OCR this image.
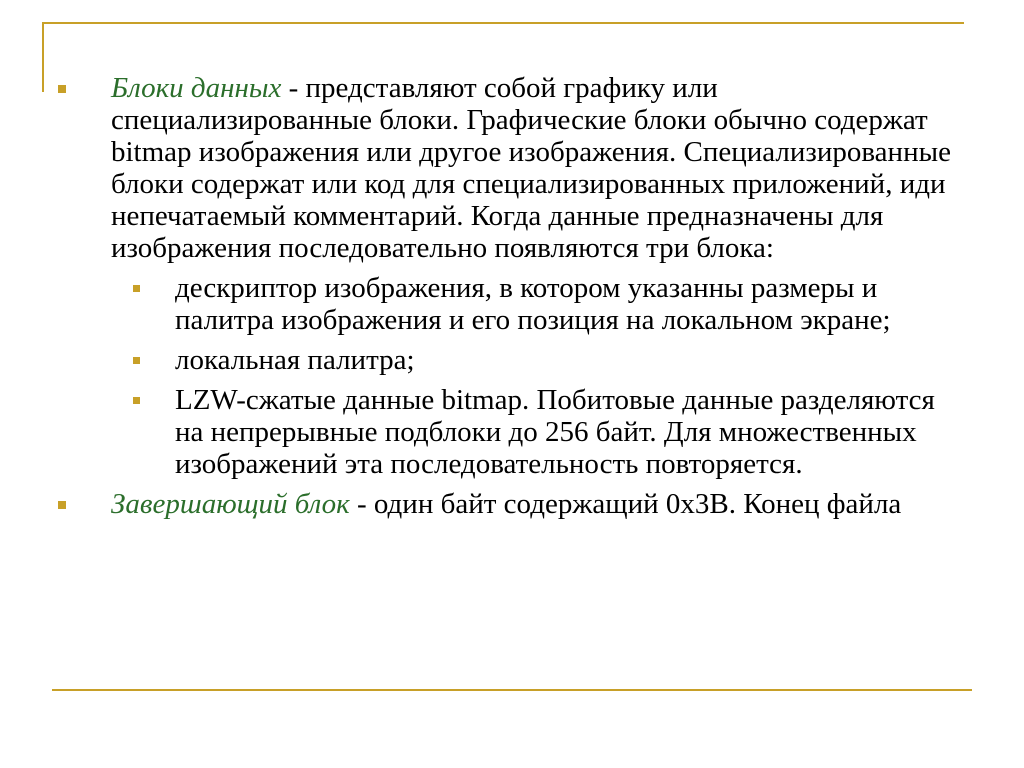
Блоки данных - представляют собой графику или специализированные блоки. Графические блоки обычно содержат bitmap изображения или другое изображения. Специализированные блоки содержат или код для специализированных приложений, иди непечатаемый комментарий. Когда данные предназначены для изображения последовательно появляются три блока:
дескриптор изображения, в котором указанны размеры и палитра изображения и его позиция на локальном экране;
локальная палитра;
LZW-сжатые данные bitmap. Побитовые данные разделяются на непрерывные подблоки до 256 байт. Для множественных изображений эта последовательность повторяется.
Завершающий блок - один байт содержащий 0x3B. Конец файла
